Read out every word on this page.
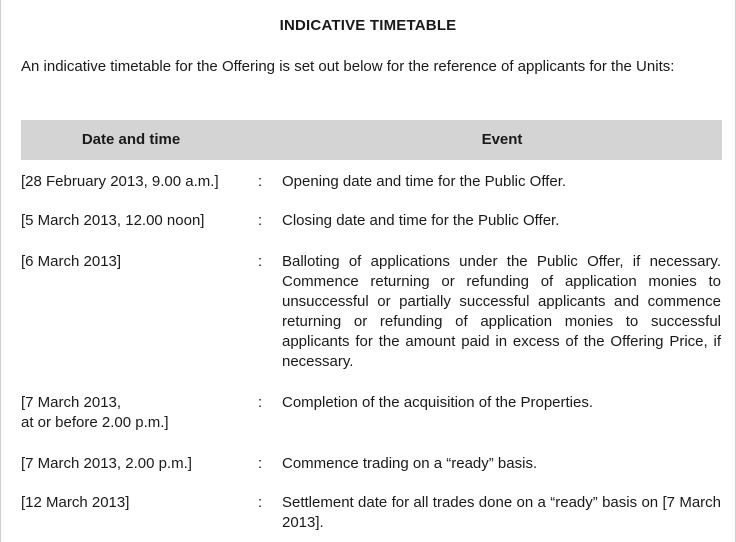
INDICATIVE TIMETABLE
An indicative timetable for the Offering is set out below for the reference of applicants for the Units:
Date and time	Event
[28 February 2013, 9.00 a.m.]	:	Opening date and time for the Public Offer.
[5 March 2013, 12.00 noon]	:	Closing date and time for the Public Offer.
[6 March 2013]	:	Balloting of applications under the Public Offer, if necessary. Commence returning or refunding of application monies to unsuccessful or partially successful applicants and commence returning or refunding of application monies to successful applicants for the amount paid in excess of the Offering Price, if necessary.
[7 March 2013,
at or before 2.00 p.m.]
:	Completion of the acquisition of the Properties.
[7 March 2013, 2.00 p.m.]	:	Commence trading on a “ready” basis.
[12 March 2013]	:	Settlement date for all trades done on a “ready” basis on [7 March 2013].
